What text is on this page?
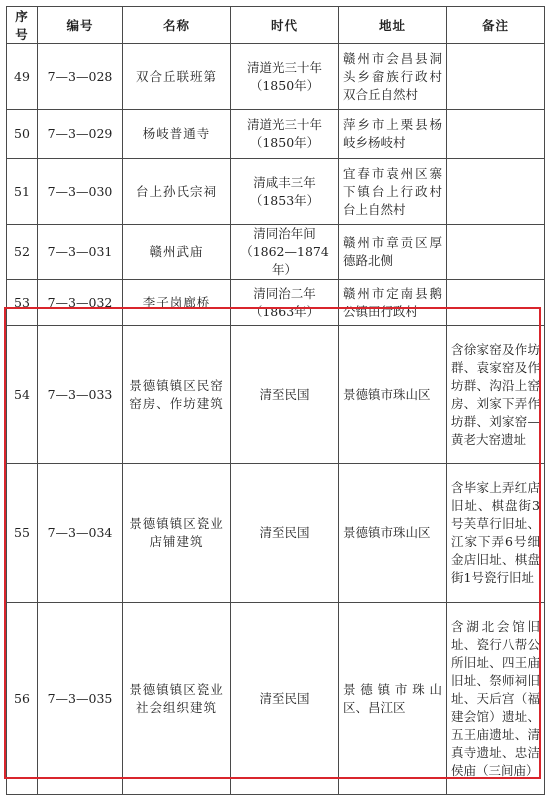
序号	编号	名称	时代	地址	备注
49	7—3—028	双合丘联班第	清道光三十年（1850年）	赣州市会昌县洞头乡畲族行政村双合丘自然村	
50	7—3—029	杨岐普通寺	清道光三十年（1850年）	萍乡市上栗县杨岐乡杨岐村	
51	7—3—030	台上孙氏宗祠	清咸丰三年（1853年）	宜春市袁州区寨下镇台上行政村台上自然村	
52	7—3—031	赣州武庙	清同治年间（1862—1874年）	赣州市章贡区厚德路北侧	
53	7—3—032	李子岗廊桥	清同治二年（1863年）	赣州市定南县鹅公镇田行政村	
54	7—3—033	景德镇镇区民窑窑房、作坊建筑	清至民国	景德镇市珠山区	含徐家窑及作坊群、袁家窑及作坊群、沟沿上窑房、刘家下弄作坊群、刘家窑—黄老大窑遗址
55	7—3—034	景德镇镇区瓷业店铺建筑	清至民国	景德镇市珠山区	含毕家上弄红店旧址、棋盘街3号芙草行旧址、江家下弄6号细金店旧址、棋盘街1号瓷行旧址
56	7—3—035	景德镇镇区瓷业社会组织建筑	清至民国	景德镇市珠山区、昌江区	含湖北会馆旧址、瓷行八帮公所旧址、四王庙旧址、祭师祠旧址、天后宫（福建会馆）遗址、五王庙遗址、清真寺遗址、忠洁侯庙（三间庙）
